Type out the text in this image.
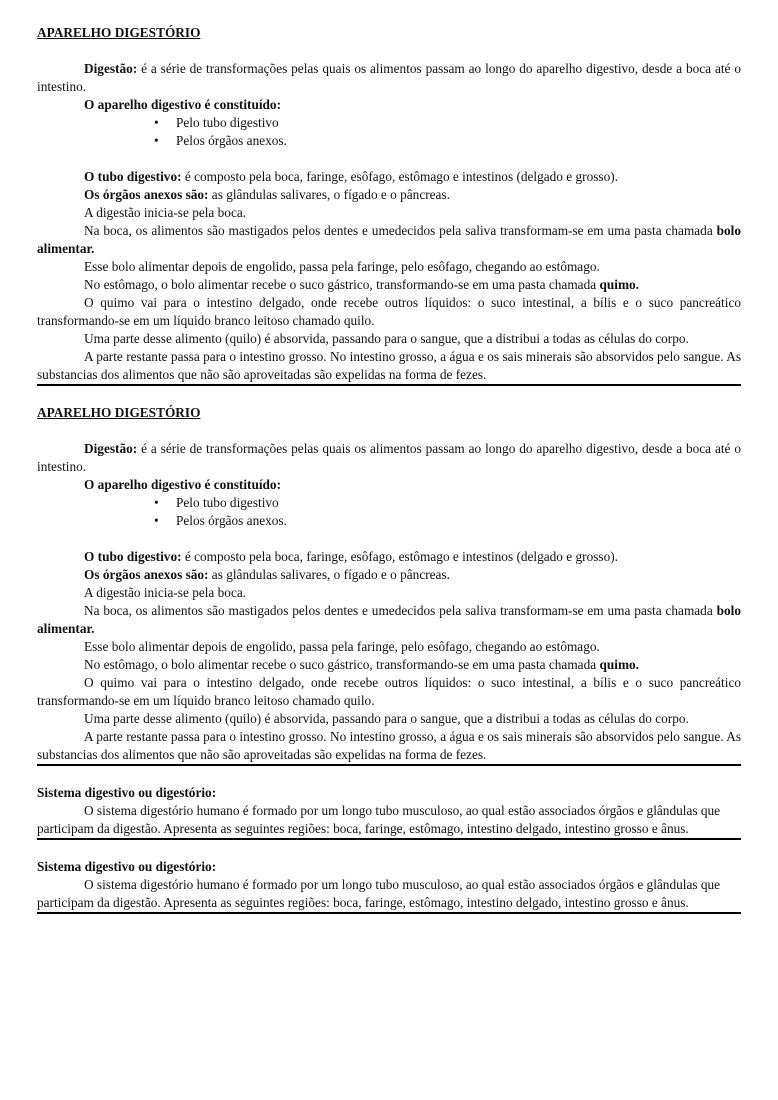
APARELHO DIGESTÓRIO

Digestão: é a série de transformações pelas quais os alimentos passam ao longo do aparelho digestivo, desde a boca até o intestino.

O aparelho digestivo é constituído:

• Pelo tubo digestivo
• Pelos órgãos anexos.

O tubo digestivo: é composto pela boca, faringe, esôfago, estômago e intestinos (delgado e grosso).

Os órgãos anexos são: as glândulas salivares, o fígado e o pâncreas.

A digestão inicia-se pela boca.

Na boca, os alimentos são mastigados pelos dentes e umedecidos pela saliva transformam-se em uma pasta chamada bolo alimentar.

Esse bolo alimentar depois de engolido, passa pela faringe, pelo esôfago, chegando ao estômago.

No estômago, o bolo alimentar recebe o suco gástrico, transformando-se em uma pasta chamada quimo.

O quimo vai para o intestino delgado, onde recebe outros líquidos: o suco intestinal, a bílis e o suco pancreático transformando-se em um líquido branco leitoso chamado quilo.

Uma parte desse alimento (quilo) é absorvida, passando para o sangue, que a distribui a todas as células do corpo.

A parte restante passa para o intestino grosso. No intestino grosso, a água e os sais minerais são absorvidos pelo sangue. As substancias dos alimentos que não são aproveitadas são expelidas na forma de fezes.

APARELHO DIGESTÓRIO

Digestão: é a série de transformações pelas quais os alimentos passam ao longo do aparelho digestivo, desde a boca até o intestino.

O aparelho digestivo é constituído:

• Pelo tubo digestivo
• Pelos órgãos anexos.

O tubo digestivo: é composto pela boca, faringe, esôfago, estômago e intestinos (delgado e grosso).

Os órgãos anexos são: as glândulas salivares, o fígado e o pâncreas.

A digestão inicia-se pela boca.

Na boca, os alimentos são mastigados pelos dentes e umedecidos pela saliva transformam-se em uma pasta chamada bolo alimentar.

Esse bolo alimentar depois de engolido, passa pela faringe, pelo esôfago, chegando ao estômago.

No estômago, o bolo alimentar recebe o suco gástrico, transformando-se em uma pasta chamada quimo.

O quimo vai para o intestino delgado, onde recebe outros líquidos: o suco intestinal, a bílis e o suco pancreático transformando-se em um líquido branco leitoso chamado quilo.

Uma parte desse alimento (quilo) é absorvida, passando para o sangue, que a distribui a todas as células do corpo.

A parte restante passa para o intestino grosso. No intestino grosso, a água e os sais minerais são absorvidos pelo sangue. As substancias dos alimentos que não são aproveitadas são expelidas na forma de fezes.

Sistema digestivo ou digestório:

O sistema digestório humano é formado por um longo tubo musculoso, ao qual estão associados órgãos e glândulas que participam da digestão. Apresenta as seguintes regiões: boca, faringe, estômago, intestino delgado, intestino grosso e ânus.

Sistema digestivo ou digestório:

O sistema digestório humano é formado por um longo tubo musculoso, ao qual estão associados órgãos e glândulas que participam da digestão. Apresenta as seguintes regiões: boca, faringe, estômago, intestino delgado, intestino grosso e ânus.
